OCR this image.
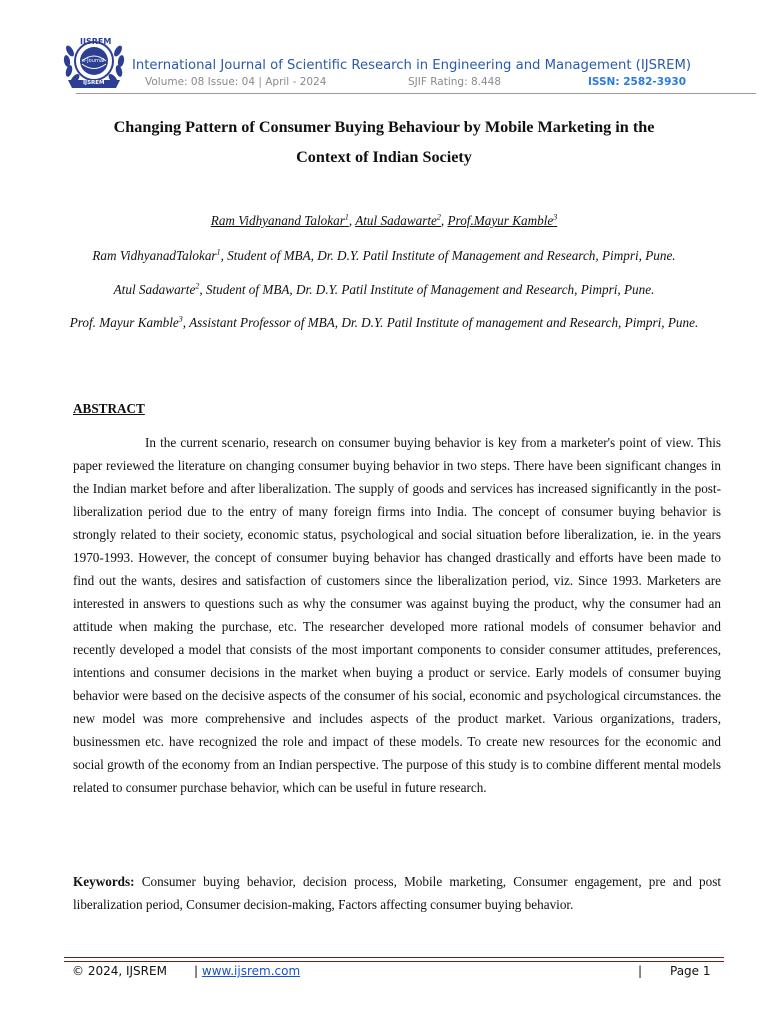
IJSREM
e-Journal
IJSREM
International Journal of Scientific Research in Engineering and Management (IJSREM)
Volume: 08 Issue: 04 | April - 2024	SJIF Rating: 8.448	ISSN: 2582-3930
Changing Pattern of Consumer Buying Behaviour by Mobile Marketing in the
Context of Indian Society
Ram Vidhyanand Talokar$^1$, Atul Sadawarte$^2$, Prof.Mayur Kamble$^3$
Ram VidhyanadTalokar$^1$, Student of MBA, Dr. D.Y. Patil Institute of Management and Research, Pimpri, Pune.
Atul Sadawarte$^2$, Student of MBA, Dr. D.Y. Patil Institute of Management and Research, Pimpri, Pune.
Prof. Mayur Kamble$^3$, Assistant Professor of MBA, Dr. D.Y. Patil Institute of management and Research, Pimpri, Pune.
ABSTRACT

In the current scenario, research on consumer buying behavior is key from a marketer's point of view. This paper reviewed the literature on changing consumer buying behavior in two steps. There have been significant changes in the Indian market before and after liberalization. The supply of goods and services has increased significantly in the post-liberalization period due to the entry of many foreign firms into India. The concept of consumer buying behavior is strongly related to their society, economic status, psychological and social situation before liberalization, ie. in the years 1970-1993. However, the concept of consumer buying behavior has changed drastically and efforts have been made to find out the wants, desires and satisfaction of customers since the liberalization period, viz. Since 1993. Marketers are interested in answers to questions such as why the consumer was against buying the product, why the consumer had an attitude when making the purchase, etc. The researcher developed more rational models of consumer behavior and recently developed a model that consists of the most important components to consider consumer attitudes, preferences, intentions and consumer decisions in the market when buying a product or service. Early models of consumer buying behavior were based on the decisive aspects of the consumer of his social, economic and psychological circumstances. the new model was more comprehensive and includes aspects of the product market. Various organizations, traders, businessmen etc. have recognized the role and impact of these models. To create new resources for the economic and social growth of the economy from an Indian perspective. The purpose of this study is to combine different mental models related to consumer purchase behavior, which can be useful in future research.

Keywords: Consumer buying behavior, decision process, Mobile marketing, Consumer engagement, pre and post liberalization period, Consumer decision-making, Factors affecting consumer buying behavior.

© 2024, IJSREM | www.ijsrem.com	| Page 1
